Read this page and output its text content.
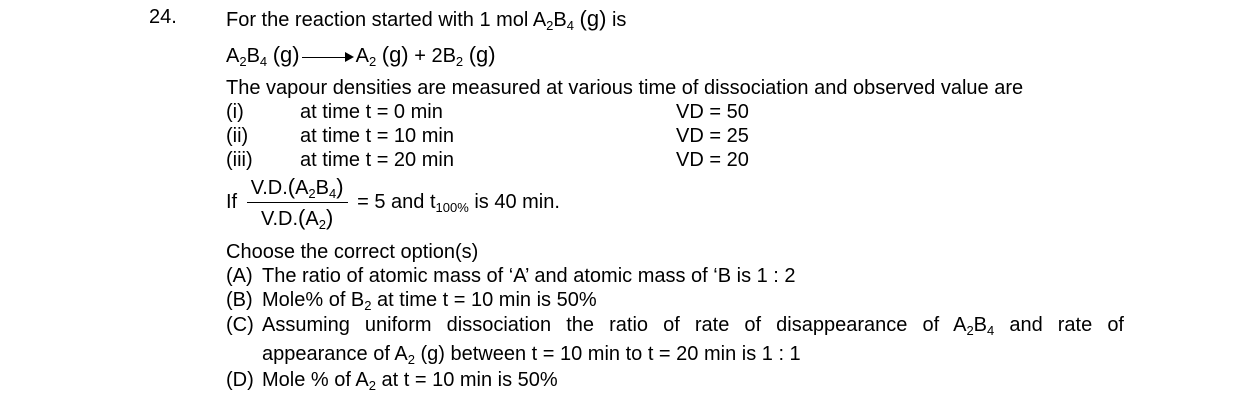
24. For the reaction started with 1 mol $A_2B_4$ (g) is
$A_2B_4$ (g)	$A_2$ $(g) + 2B_2$ (g)
The vapour densities are measured at various time of dissociation and observed value are
(i)	at time t = 0 min	VD = 50
(ii)	at time t = 10 min	VD = 25
(iii) at time t = 20 min	VD = 20
If $\frac{V.D.(A_2B_4)}{V.D.(A_2)} = 5$ and $t_{100\%}$ is 40 min.
Choose the correct option(s)
(A) The ratio of atomic mass of ‘A’ and atomic mass of ‘B is 1 : 2
(B) Mole% of $B_2$ at time t = 10 min is 50%
(C) Assuming uniform dissociation the ratio of rate of disappearance of $A_2B_4$ and rate of
appearance of $A_2$ (g) between t = 10 min to t = 20 min is 1 : 1
(D) Mole % of $A_2$ at t = 10 min is 50%
